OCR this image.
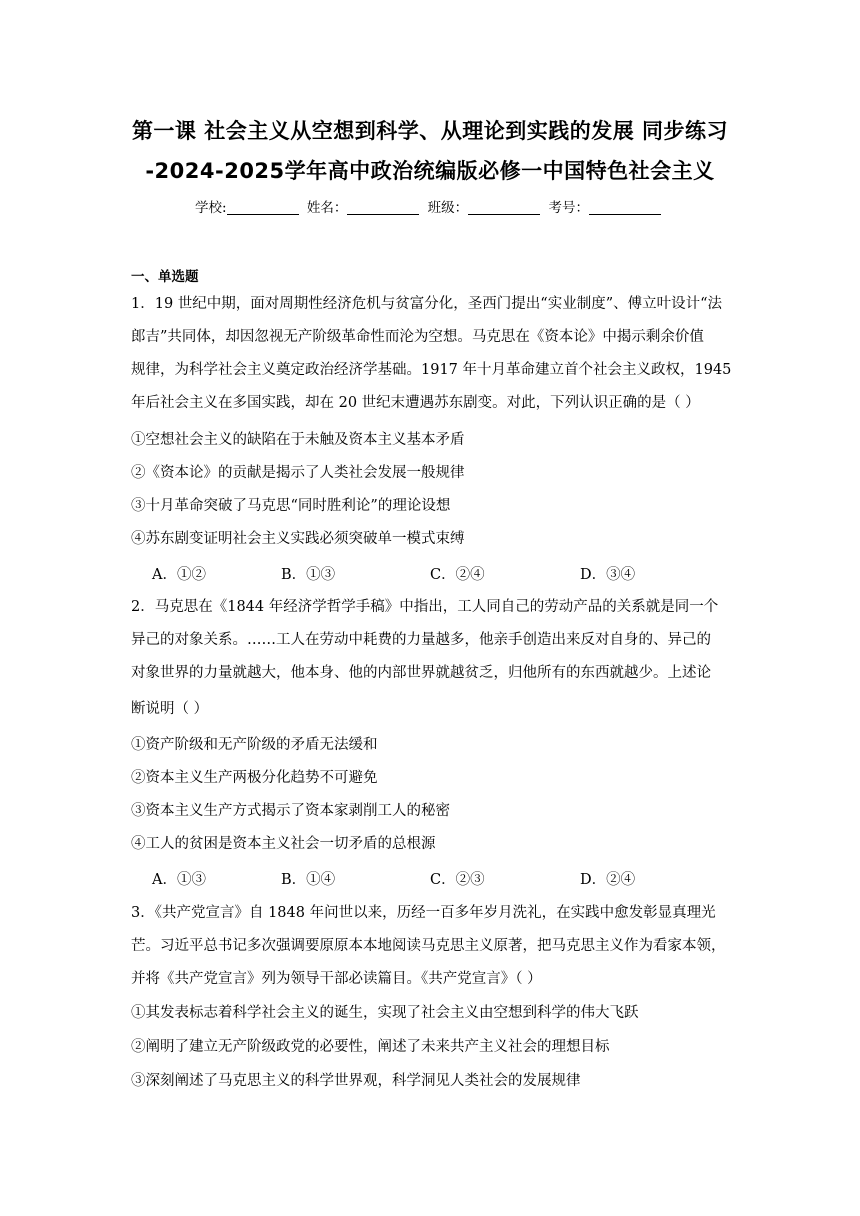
第一课 社会主义从空想到科学、从理论到实践的发展 同步练习
-2024-2025学年高中政治统编版必修一中国特色社会主义
学校:	姓名：	班级：	考号：
一、单选题
1．19 世纪中期，面对周期性经济危机与贫富分化，圣西门提出“实业制度”、傅立叶设计“法
郎吉”共同体，却因忽视无产阶级革命性而沦为空想。马克思在《资本论》中揭示剩余价值
规律，为科学社会主义奠定政治经济学基础。1917 年十月革命建立首个社会主义政权，1945
年后社会主义在多国实践，却在 20 世纪末遭遇苏东剧变。对此，下列认识正确的是（ ）
①空想社会主义的缺陷在于未触及资本主义基本矛盾
②《资本论》的贡献是揭示了人类社会发展一般规律
③十月革命突破了马克思“同时胜利论”的理论设想
④苏东剧变证明社会主义实践必须突破单一模式束缚
A．①②	B．①③	C．②④	D．③④
2．马克思在《1844 年经济学哲学手稿》中指出，工人同自己的劳动产品的关系就是同一个
异己的对象关系。……工人在劳动中耗费的力量越多，他亲手创造出来反对自身的、异己的
对象世界的力量就越大，他本身、他的内部世界就越贫乏，归他所有的东西就越少。上述论
断说明（ ）
①资产阶级和无产阶级的矛盾无法缓和
②资本主义生产两极分化趋势不可避免
③资本主义生产方式揭示了资本家剥削工人的秘密
④工人的贫困是资本主义社会一切矛盾的总根源
A．①③	B．①④	C．②③	D．②④
3．《共产党宣言》自 1848 年问世以来，历经一百多年岁月洗礼，在实践中愈发彰显真理光
芒。习近平总书记多次强调要原原本本地阅读马克思主义原著，把马克思主义作为看家本领，
并将《共产党宣言》列为领导干部必读篇目。《共产党宣言》（ ）
①其发表标志着科学社会主义的诞生，实现了社会主义由空想到科学的伟大飞跃
②阐明了建立无产阶级政党的必要性，阐述了未来共产主义社会的理想目标
③深刻阐述了马克思主义的科学世界观，科学洞见人类社会的发展规律
